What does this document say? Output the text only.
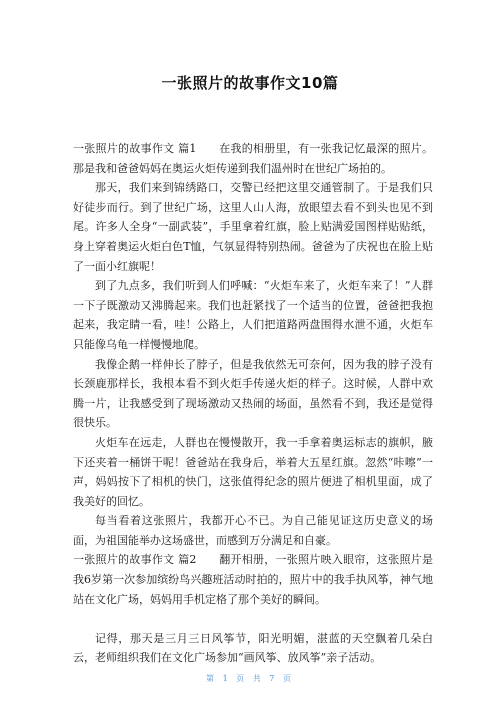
一张照片的故事作文10篇

一张照片的故事作文 篇1　　在我的相册里，有一张我记忆最深的照片。那是我和爸爸妈妈在奥运火炬传递到我们温州时在世纪广场拍的。

那天，我们来到锦绣路口，交警已经把这里交通管制了。于是我们只好徒步而行。到了世纪广场，这里人山人海，放眼望去看不到头也见不到尾。许多人全身“一副武装”，手里拿着红旗，脸上贴满爱国图样贴贴纸，身上穿着奥运火炬白色T恤，气氛显得特别热闹。爸爸为了庆祝也在脸上贴了一面小红旗呢！

到了九点多，我们听到人们呼喊：“火炬车来了，火炬车来了！”人群一下子既激动又沸腾起来。我们也赶紧找了一个适当的位置，爸爸把我抱起来，我定睛一看，哇！公路上，人们把道路两盘围得水泄不通，火炬车只能像乌龟一样慢慢地爬。

我像企鹅一样伸长了脖子，但是我依然无可奈何，因为我的脖子没有长颈鹿那样长，我根本看不到火炬手传递火炬的样子。这时候，人群中欢腾一片，让我感受到了现场激动又热闹的场面，虽然看不到，我还是觉得很快乐。

火炬车在远走，人群也在慢慢散开，我一手拿着奥运标志的旗帜，腋下还夹着一桶饼干呢！爸爸站在我身后，举着大五星红旗。忽然“咔嚓”一声，妈妈按下了相机的快门，这张值得纪念的照片便进了相机里面，成了我美好的回忆。

每当看着这张照片，我都开心不已。为自己能见证这历史意义的场面，为祖国能举办这场盛世，而感到万分满足和自豪。

一张照片的故事作文 篇2　　翻开相册，一张照片映入眼帘，这张照片是我6岁第一次参加缤纷鸟兴趣班活动时拍的，照片中的我手执风筝，神气地站在文化广场，妈妈用手机定格了那个美好的瞬间。

记得，那天是三月三日风筝节，阳光明媚，湛蓝的天空飘着几朵白云，老师组织我们在文化广场参加“画风筝、放风筝”亲子活动。

第 1 页 共 7 页
